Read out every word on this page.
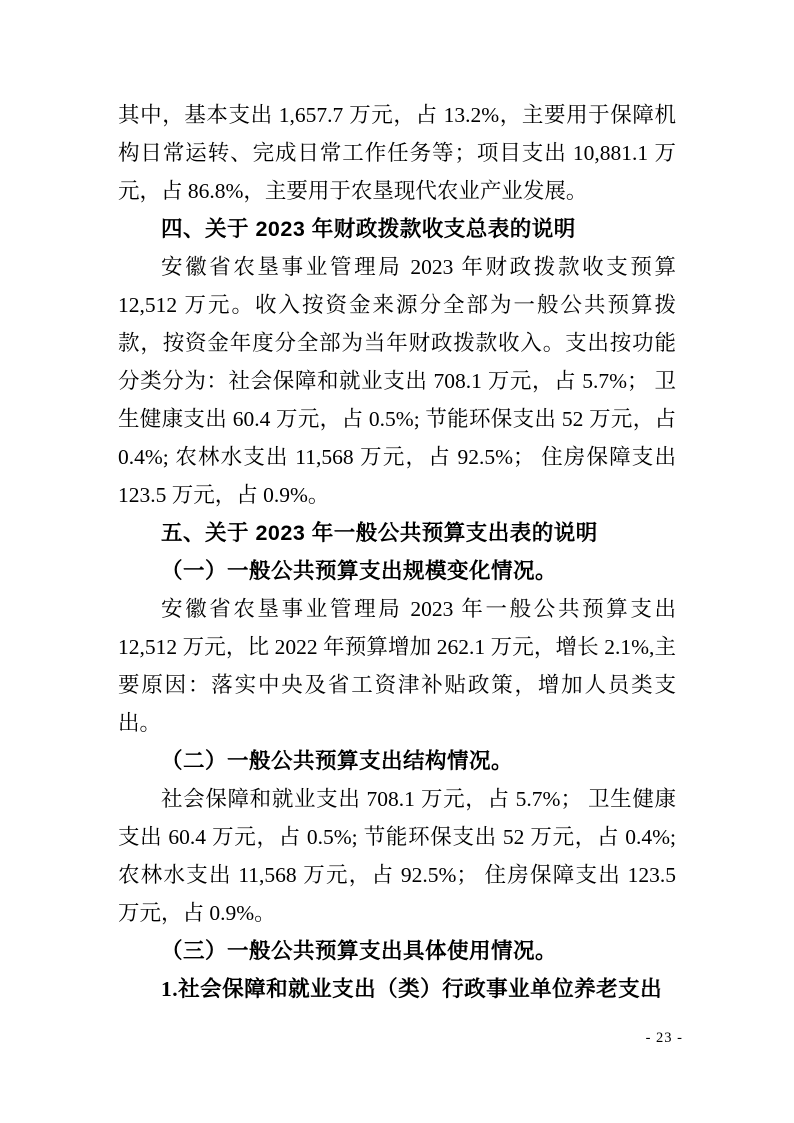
其中，基本支出 1,657.7 万元，占 13.2%，主要用于保障机构日常运转、完成日常工作任务等；项目支出 10,881.1 万元，占 86.8%，主要用于农垦现代农业产业发展。

四、关于 2023 年财政拨款收支总表的说明

安徽省农垦事业管理局 2023 年财政拨款收支预算 12,512 万元。收入按资金来源分全部为一般公共预算拨款，按资金年度分全部为当年财政拨款收入。支出按功能分类分为：社会保障和就业支出 708.1 万元，占 5.7%； 卫生健康支出 60.4 万元，占 0.5%; 节能环保支出 52 万元，占 0.4%; 农林水支出 11,568 万元，占 92.5%； 住房保障支出 123.5 万元，占 0.9%。

五、关于 2023 年一般公共预算支出表的说明

（一）一般公共预算支出规模变化情况。

安徽省农垦事业管理局 2023 年一般公共预算支出 12,512 万元，比 2022 年预算增加 262.1 万元，增长 2.1%,主要原因：落实中央及省工资津补贴政策，增加人员类支出。

（二）一般公共预算支出结构情况。

社会保障和就业支出 708.1 万元，占 5.7%； 卫生健康支出 60.4 万元，占 0.5%; 节能环保支出 52 万元，占 0.4%; 农林水支出 11,568 万元，占 92.5%； 住房保障支出 123.5 万元，占 0.9%。

（三）一般公共预算支出具体使用情况。

1.社会保障和就业支出（类）行政事业单位养老支出

- 23 -
